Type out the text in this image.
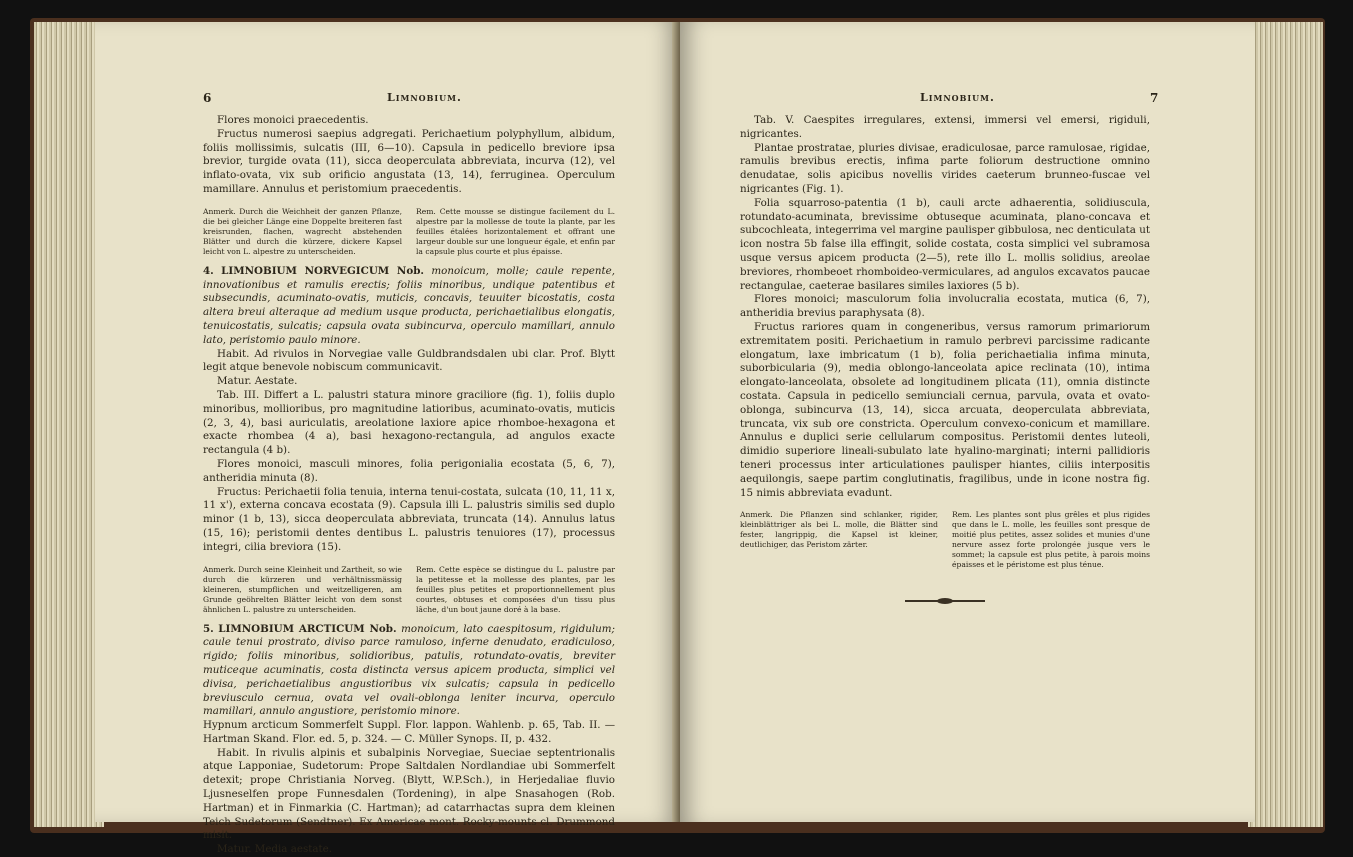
6	Limnobium.

Flores monoici praecedentis.

Fructus numerosi saepius adgregati. Perichaetium polyphyllum, albidum, foliis mollissimis, sulcatis (III, 6—10). Capsula in pedicello breviore ipsa brevior, turgide ovata (11), sicca deoperculata abbreviata, incurva (12), vel inflato-ovata, vix sub orificio angustata (13, 14), ferruginea. Operculum mamillare. Annulus et peristomium praecedentis.

Anmerk. Durch die Weichheit der ganzen Pflanze, die bei gleicher Länge eine Doppelte breiteren fast kreisrunden, flachen, wagrecht abstehenden Blätter und durch die kürzere, dickere Kapsel leicht von L. alpestre zu unterscheiden.
Rem. Cette mousse se distingue facilement du L. alpestre par la mollesse de toute la plante, par les feuilles étalées horizontalement et offrant une largeur double sur une longueur égale, et enfin par la capsule plus courte et plus épaisse.

4. LIMNOBIUM NORVEGICUM Nob. monoicum, molle; caule repente, innovationibus et ramulis erectis; foliis minoribus, undique patentibus et subsecundis, acuminato-ovatis, muticis, concavis, teuuiter bicostatis, costa altera breui alteraque ad medium usque producta, perichaetialibus elongatis, tenuicostatis, sulcatis; capsula ovata subincurva, operculo mamillari, annulo lato, peristomio paulo minore.

Habit. Ad rivulos in Norvegiae valle Guldbrandsdalen ubi clar. Prof. Blytt legit atque benevole nobiscum communicavit.

Matur. Aestate.

Tab. III. Differt a L. palustri statura minore graciliore (fig. 1), foliis duplo minoribus, mollioribus, pro magnitudine latioribus, acuminato-ovatis, muticis (2, 3, 4), basi auriculatis, areolatione laxiore apice rhomboe-hexagona et exacte rhombea (4 a), basi hexagono-rectangula, ad angulos exacte rectangula (4 b).

Flores monoici, masculi minores, folia perigonialia ecostata (5, 6, 7), antheridia minuta (8).

Fructus: Perichaetii folia tenuia, interna tenui-costata, sulcata (10, 11, 11 x, 11 x'), externa concava ecostata (9). Capsula illi L. palustris similis sed duplo minor (1 b, 13), sicca deoperculata abbreviata, truncata (14). Annulus latus (15, 16); peristomii dentes dentibus L. palustris tenuiores (17), processus integri, cilia breviora (15).

Anmerk. Durch seine Kleinheit und Zartheit, so wie durch die kürzeren und verhältnissmässig kleineren, stumpflichen und weitzelligeren, am Grunde geöhrelten Blätter leicht von dem sonst ähnlichen L. palustre zu unterscheiden.
Rem. Cette espèce se distingue du L. palustre par la petitesse et la mollesse des plantes, par les feuilles plus petites et proportionnellement plus courtes, obtuses et composées d'un tissu plus lâche, d'un bout jaune doré à la base.

5. LIMNOBIUM ARCTICUM Nob. monoicum, lato caespitosum, rigidulum; caule tenui prostrato, diviso parce ramuloso, inferne denudato, eradiculoso, rigido; foliis minoribus, solidioribus, patulis, rotundato-ovatis, breviter muticeque acuminatis, costa distincta versus apicem producta, simplici vel divisa, perichaetialibus angustioribus vix sulcatis; capsula in pedicello breviusculo cernua, ovata vel ovali-oblonga leniter incurva, operculo mamillari, annulo angustiore, peristomio minore.

Hypnum arcticum Sommerfelt Suppl. Flor. lappon. Wahlenb. p. 65, Tab. II. — Hartman Skand. Flor. ed. 5, p. 324. — C. Müller Synops. II, p. 432.

Habit. In rivulis alpinis et subalpinis Norvegiae, Sueciae septentrionalis atque Lapponiae, Sudetorum: Prope Saltdalen Nordlandiae ubi Sommerfelt detexit; prope Christiania Norveg. (Blytt, W.P.Sch.), in Herjedaliae fluvio Ljusneselfen prope Funnesdalen (Tordening), in alpe Snasahogen (Rob. Hartman) et in Finmarkia (C. Hartman); ad catarrhactas supra dem kleinen Teich Sudetorum (Sendtner). Ex Americae mont. Rocky-mounts cl. Drummond misit.

Matur. Media aestate.

Limnobium.	7

Tab. V. Caespites irregulares, extensi, immersi vel emersi, rigiduli, nigricantes.

Plantae prostratae, pluries divisae, eradiculosae, parce ramulosae, rigidae, ramulis brevibus erectis, infima parte foliorum destructione omnino denudatae, solis apicibus novellis virides caeterum brunneo-fuscae vel nigricantes (Fig. 1).

Folia squarroso-patentia (1 b), cauli arcte adhaerentia, solidiuscula, rotundato-acuminata, brevissime obtuseque acuminata, plano-concava et subcochleata, integerrima vel margine paulisper gibbulosa, nec denticulata ut icon nostra 5b false illa effingit, solide costata, costa simplici vel subramosa usque versus apicem producta (2—5), rete illo L. mollis solidius, areolae breviores, rhombeoet rhomboideo-vermiculares, ad angulos excavatos paucae rectangulae, caeterae basilares similes laxiores (5 b).

Flores monoici; masculorum folia involucralia ecostata, mutica (6, 7), antheridia brevius paraphysata (8).

Fructus rariores quam in congeneribus, versus ramorum primariorum extremitatem positi. Perichaetium in ramulo perbrevi parcissime radicante elongatum, laxe imbricatum (1 b), folia perichaetialia infima minuta, suborbicularia (9), media oblongo-lanceolata apice reclinata (10), intima elongato-lanceolata, obsolete ad longitudinem plicata (11), omnia distincte costata. Capsula in pedicello semiunciali cernua, parvula, ovata et ovato-oblonga, subincurva (13, 14), sicca arcuata, deoperculata abbreviata, truncata, vix sub ore constricta. Operculum convexo-conicum et mamillare. Annulus e duplici serie cellularum compositus. Peristomii dentes luteoli, dimidio superiore lineali-subulato late hyalino-marginati; interni pallidioris teneri processus inter articulationes paulisper hiantes, ciliis interpositis aequilongis, saepe partim conglutinatis, fragilibus, unde in icone nostra fig. 15 nimis abbreviata evadunt.

Anmerk. Die Pflanzen sind schlanker, rigider, kleinblättriger als bei L. molle, die Blätter sind fester, langrippig, die Kapsel ist kleiner, deutlichiger, das Peristom zärter.
Rem. Les plantes sont plus grêles et plus rigides que dans le L. molle, les feuilles sont presque de moitié plus petites, assez solides et munies d'une nervure assez forte prolongée jusque vers le sommet; la capsule est plus petite, à parois moins épaisses et le péristome est plus ténue.
